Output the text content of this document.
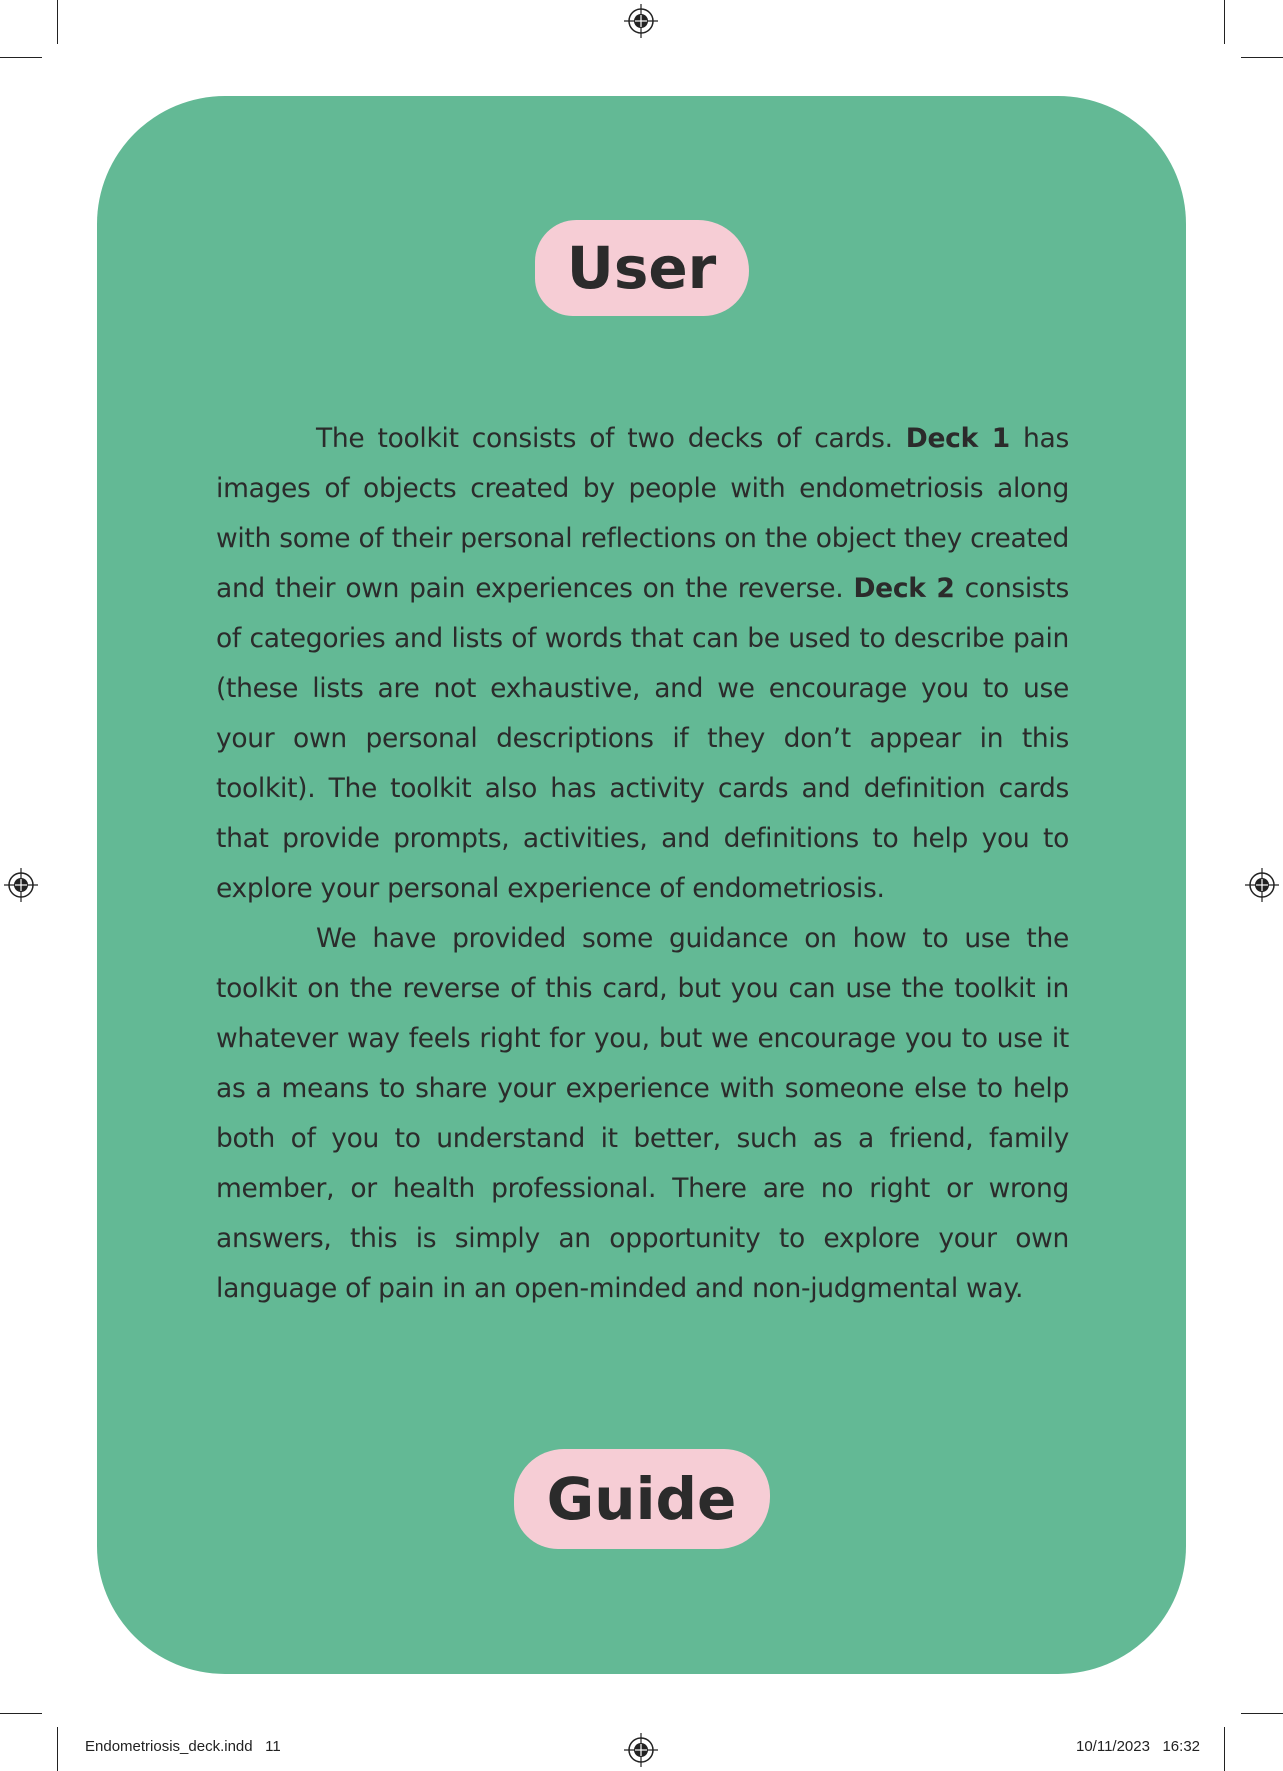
User

The toolkit consists of two decks of cards. Deck 1 has images of objects created by people with endometriosis along with some of their personal reflections on the object they created and their own pain experiences on the reverse. Deck 2 consists of categories and lists of words that can be used to describe pain (these lists are not exhaustive, and we encourage you to use your own personal descriptions if they don’t appear in this toolkit). The toolkit also has activity cards and definition cards that provide prompts, activities, and definitions to help you to explore your personal experience of endometriosis.

We have provided some guidance on how to use the toolkit on the reverse of this card, but you can use the toolkit in whatever way feels right for you, but we encourage you to use it as a means to share your experience with someone else to help both of you to understand it better, such as a friend, family member, or health professional. There are no right or wrong answers, this is simply an opportunity to explore your own language of pain in an open-minded and non-judgmental way.

Guide
Endometriosis_deck.indd   11	10/11/2023   16:32
